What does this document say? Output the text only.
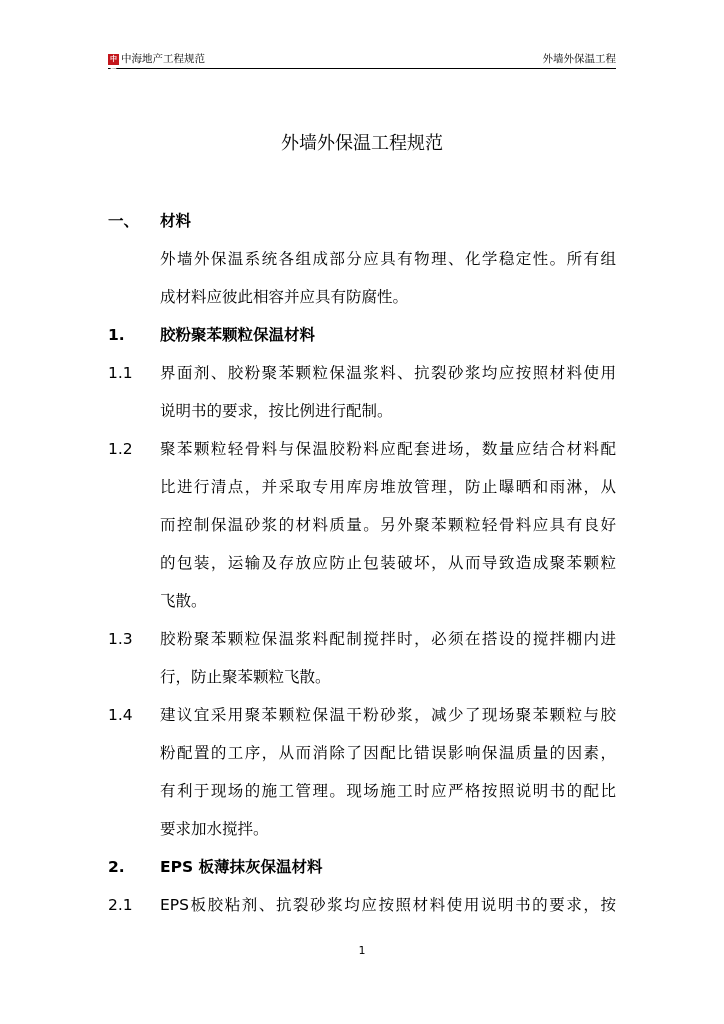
中海
中海地产工程规范	外墙外保温工程
外墙外保温工程规范
一、 材料
外墙外保温系统各组成部分应具有物理、化学稳定性。所有组
成材料应彼此相容并应具有防腐性。
1. 胶粉聚苯颗粒保温材料
1.1 界面剂、胶粉聚苯颗粒保温浆料、抗裂砂浆均应按照材料使用
说明书的要求，按比例进行配制。
1.2 聚苯颗粒轻骨料与保温胶粉料应配套进场，数量应结合材料配
比进行清点，并采取专用库房堆放管理，防止曝晒和雨淋，从
而控制保温砂浆的材料质量。另外聚苯颗粒轻骨料应具有良好
的包装，运输及存放应防止包装破坏，从而导致造成聚苯颗粒
飞散。
1.3 胶粉聚苯颗粒保温浆料配制搅拌时，必须在搭设的搅拌棚内进
行，防止聚苯颗粒飞散。
1.4 建议宜采用聚苯颗粒保温干粉砂浆，减少了现场聚苯颗粒与胶
粉配置的工序，从而消除了因配比错误影响保温质量的因素，
有利于现场的施工管理。现场施工时应严格按照说明书的配比
要求加水搅拌。
2. EPS 板薄抹灰保温材料
2.1 EPS板胶粘剂、抗裂砂浆均应按照材料使用说明书的要求，按
1
